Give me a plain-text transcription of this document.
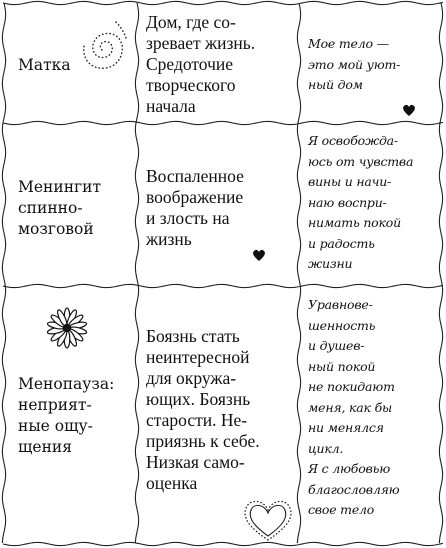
Матка
Дом, где со-
зревает жизнь.
Средоточие
творческого
начала
Мое тело —
это мой уют-
ный дом
Менингит
спинно-
мозговой
Воспаленное
воображение
и злость на
жизнь
Я освобожда-
юсь от чувства
вины и начи-
наю воспри-
нимать покой
и радость
жизни
Менопауза:
неприят-
ные ощу-
щения
Боязнь стать
неинтересной
для окружа-
ющих. Боязнь
старости. Не-
приязнь к себе.
Низкая само-
оценка
Уравнове-
шенность
и душев-
ный покой
не покидают
меня, как бы
ни менялся
цикл.
Я с любовью
благословляю
свое тело
